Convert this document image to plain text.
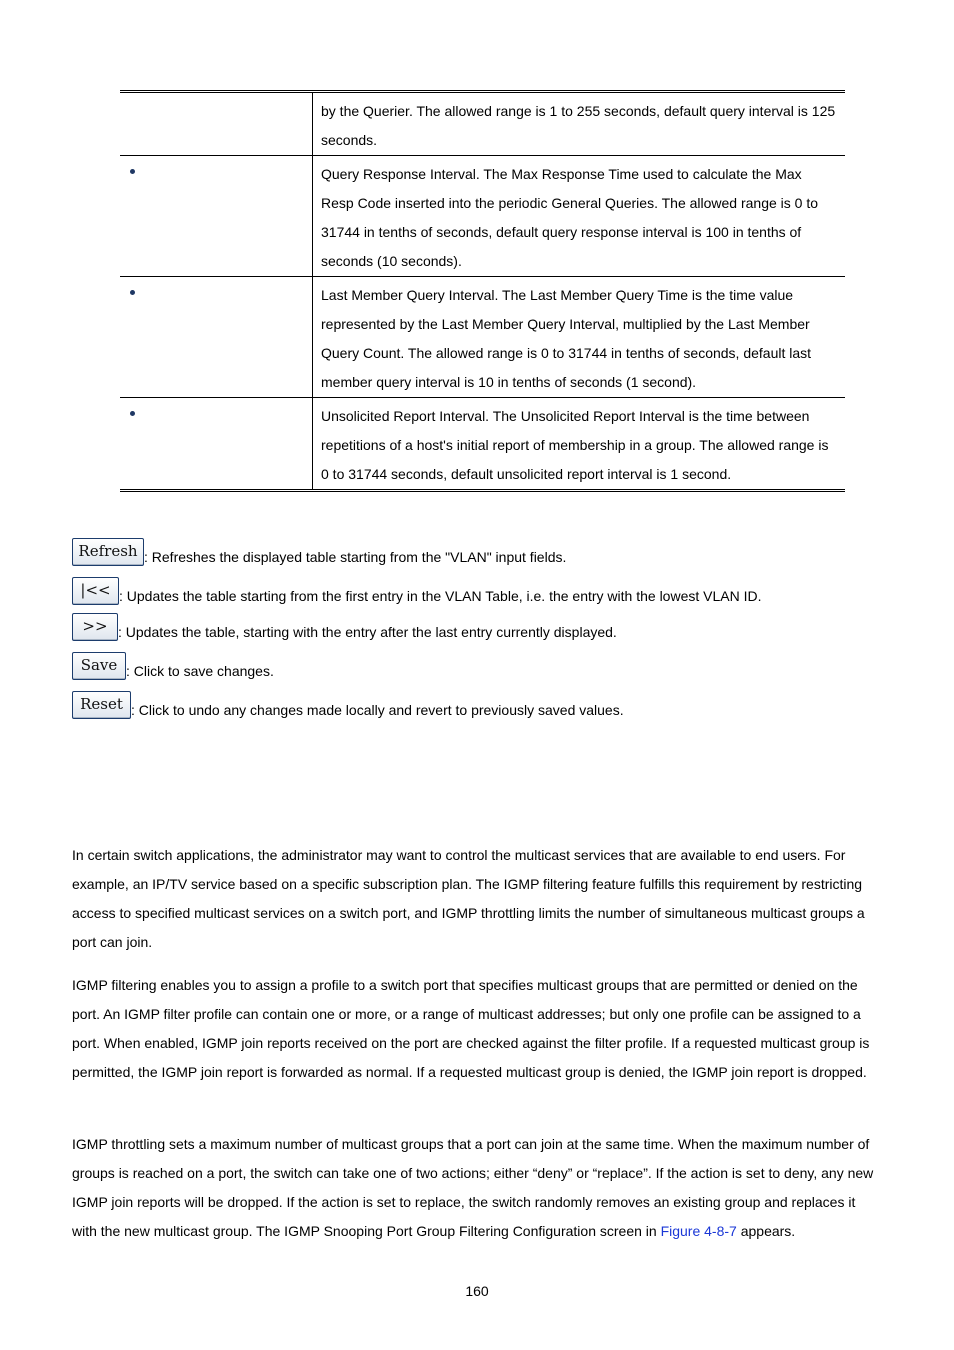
	by the Querier. The allowed range is 1 to 255 seconds, default query interval is 125 seconds.

	Query Response Interval. The Max Response Time used to calculate the Max Resp Code inserted into the periodic General Queries. The allowed range is 0 to 31744 in tenths of seconds, default query response interval is 100 in tenths of seconds (10 seconds).

	Last Member Query Interval. The Last Member Query Time is the time value represented by the Last Member Query Interval, multiplied by the Last Member Query Count. The allowed range is 0 to 31744 in tenths of seconds, default last member query interval is 10 in tenths of seconds (1 second).

	Unsolicited Report Interval. The Unsolicited Report Interval is the time between repetitions of a host's initial report of membership in a group. The allowed range is 0 to 31744 seconds, default unsolicited report interval is 1 second.
Refresh : Refreshes the displayed table starting from the "VLAN" input fields.
|<< : Updates the table starting from the first entry in the VLAN Table, i.e. the entry with the lowest VLAN ID.
>> : Updates the table, starting with the entry after the last entry currently displayed.
Save : Click to save changes.
Reset : Click to undo any changes made locally and revert to previously saved values.

In certain switch applications, the administrator may want to control the multicast services that are available to end users. For example, an IP/TV service based on a specific subscription plan. The IGMP filtering feature fulfills this requirement by restricting access to specified multicast services on a switch port, and IGMP throttling limits the number of simultaneous multicast groups a port can join.

IGMP filtering enables you to assign a profile to a switch port that specifies multicast groups that are permitted or denied on the port. An IGMP filter profile can contain one or more, or a range of multicast addresses; but only one profile can be assigned to a port. When enabled, IGMP join reports received on the port are checked against the filter profile. If a requested multicast group is permitted, the IGMP join report is forwarded as normal. If a requested multicast group is denied, the IGMP join report is dropped.

IGMP throttling sets a maximum number of multicast groups that a port can join at the same time. When the maximum number of groups is reached on a port, the switch can take one of two actions; either “deny” or “replace”. If the action is set to deny, any new IGMP join reports will be dropped. If the action is set to replace, the switch randomly removes an existing group and replaces it with the new multicast group. The IGMP Snooping Port Group Filtering Configuration screen in Figure 4-8-7 appears.

160
